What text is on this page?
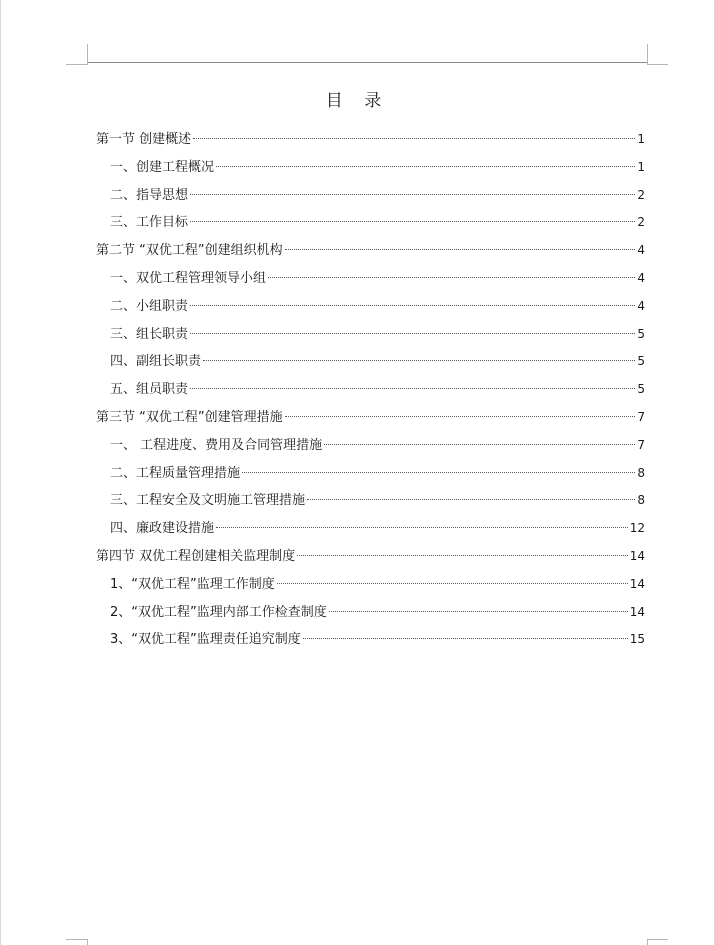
目 录
第一节 创建概述	1
一、创建工程概况	1
二、指导思想	2
三、工作目标	2
第二节 “双优工程”创建组织机构	4
一、双优工程管理领导小组	4
二、小组职责	4
三、组长职责	5
四、副组长职责	5
五、组员职责	5
第三节 “双优工程”创建管理措施	7
一、 工程进度、费用及合同管理措施	7
二、工程质量管理措施	8
三、工程安全及文明施工管理措施	8
四、廉政建设措施	12
第四节 双优工程创建相关监理制度	14
1、“双优工程”监理工作制度	14
2、“双优工程”监理内部工作检查制度	14
3、“双优工程”监理责任追究制度	15
